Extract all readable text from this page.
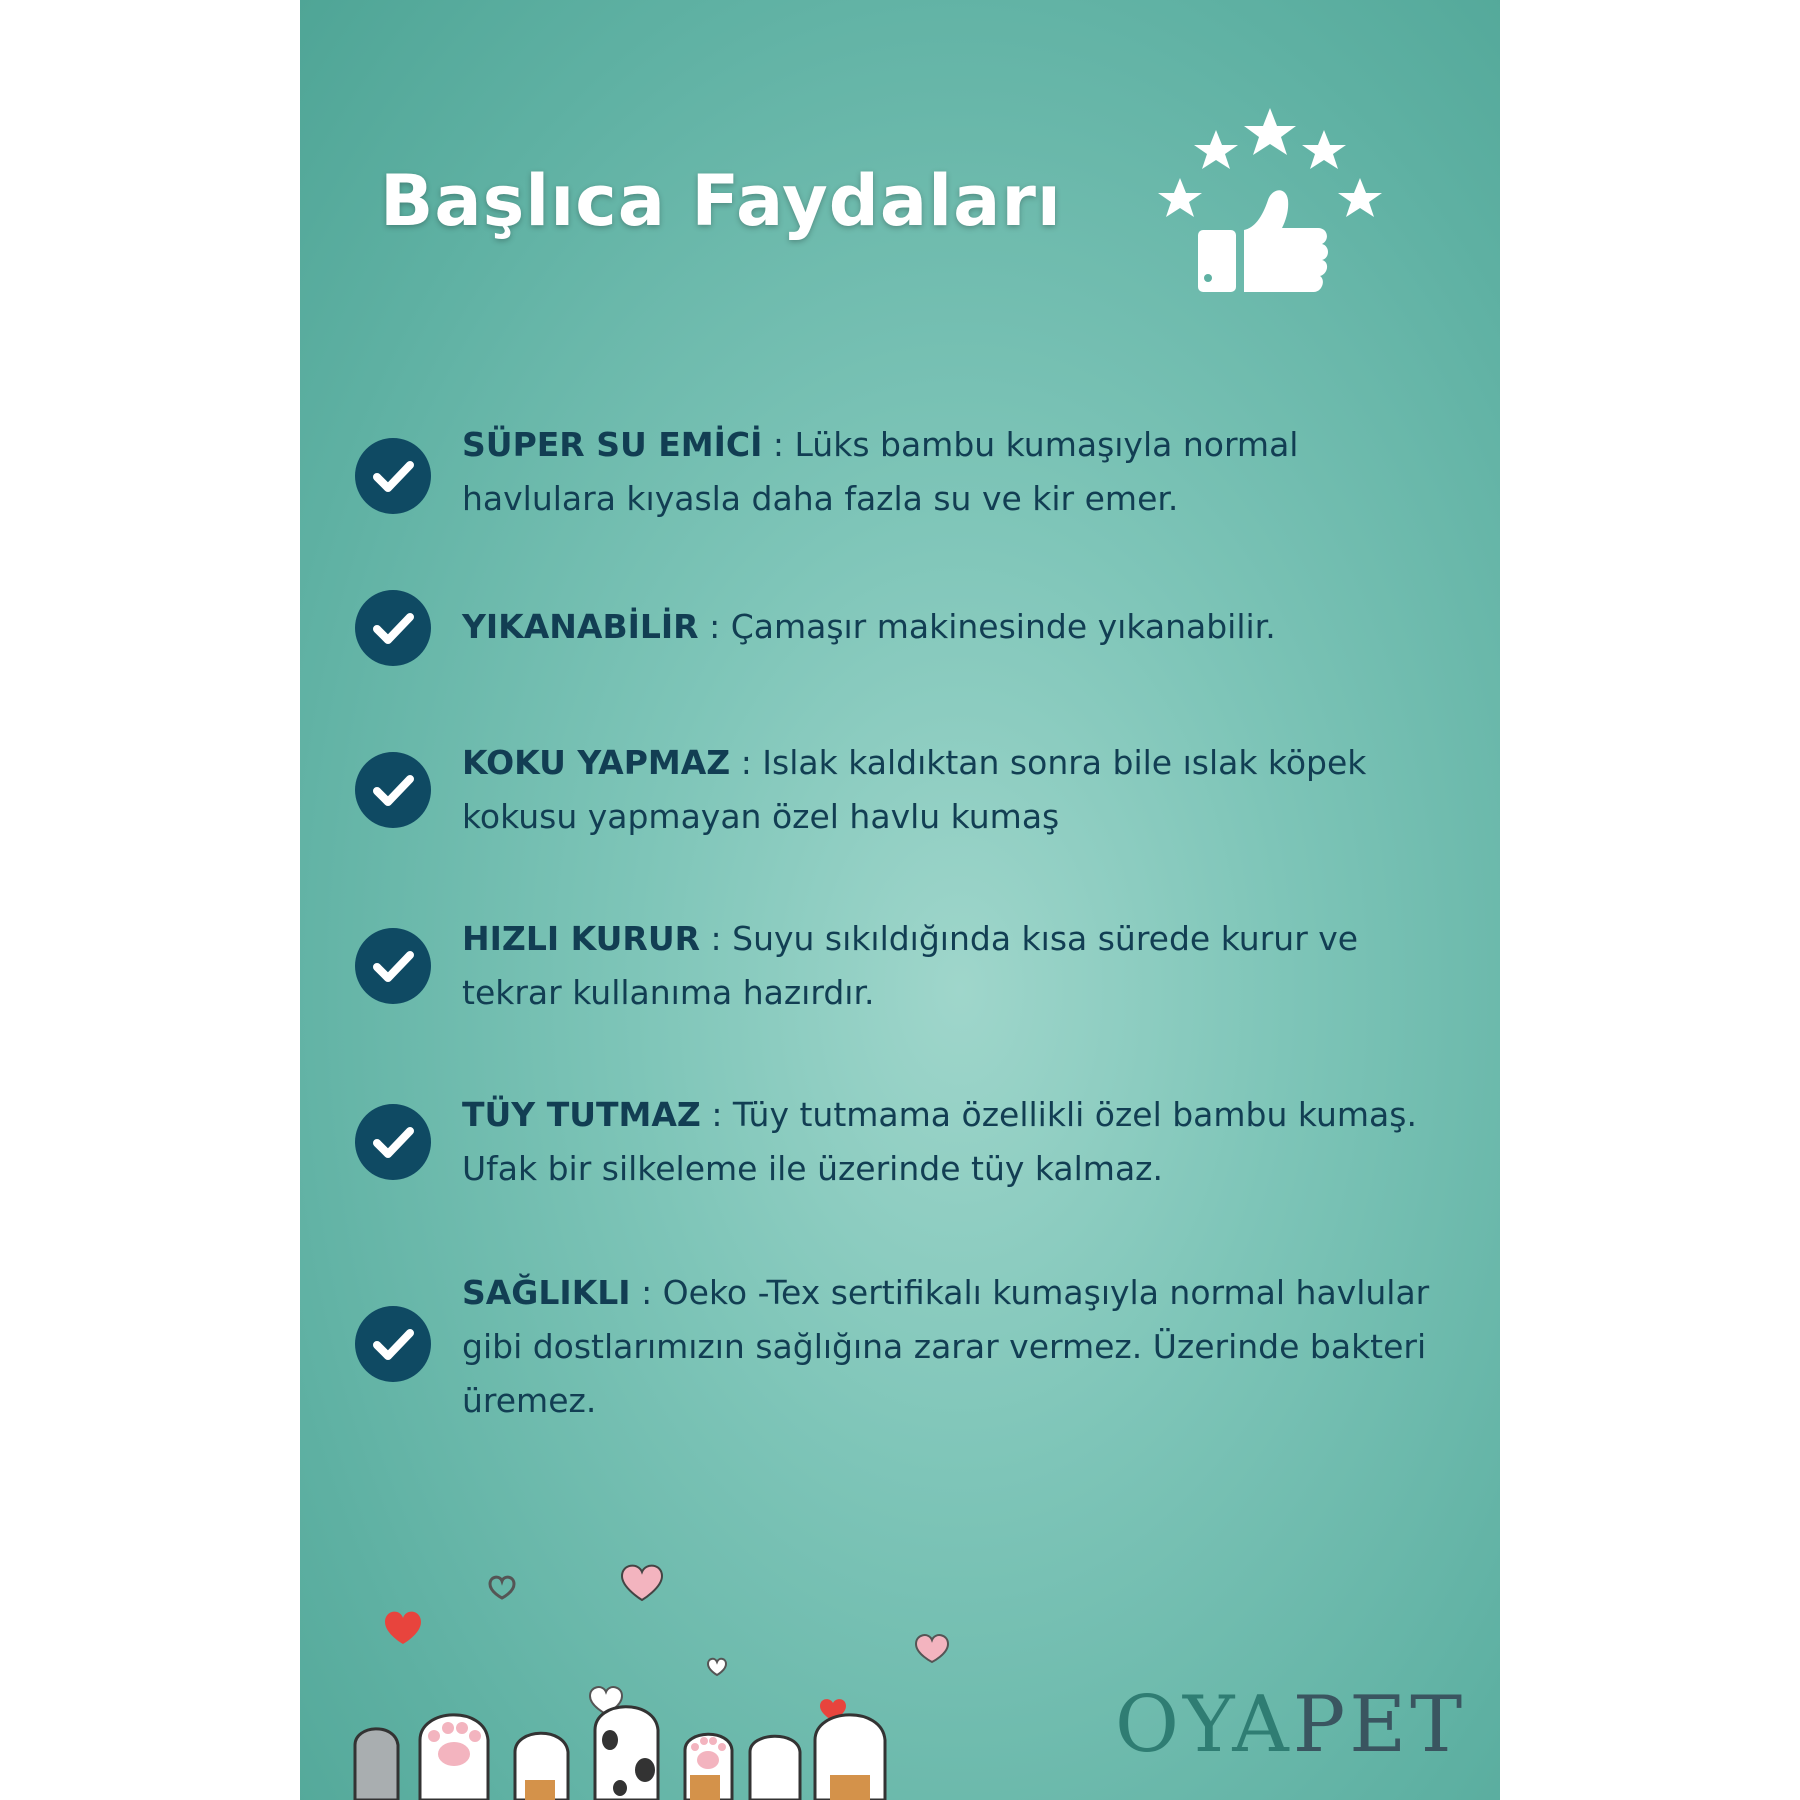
Başlıca Faydaları
SÜPER SU EMİCİ : Lüks bambu kumaşıyla normal havlulara kıyasla daha fazla su ve kir emer.
YIKANABİLİR : Çamaşır makinesinde yıkanabilir.
KOKU YAPMAZ : Islak kaldıktan sonra bile ıslak köpek kokusu yapmayan özel havlu kumaş
HIZLI KURUR : Suyu sıkıldığında kısa sürede kurur ve tekrar kullanıma hazırdır.
TÜY TUTMAZ : Tüy tutmama özellikli özel bambu kumaş. Ufak bir silkeleme ile üzerinde tüy kalmaz.
SAĞLIKLI : Oeko -Tex sertifikalı kumaşıyla normal havlular gibi dostlarımızın sağlığına zarar vermez. Üzerinde bakteri üremez.
OYAPET
